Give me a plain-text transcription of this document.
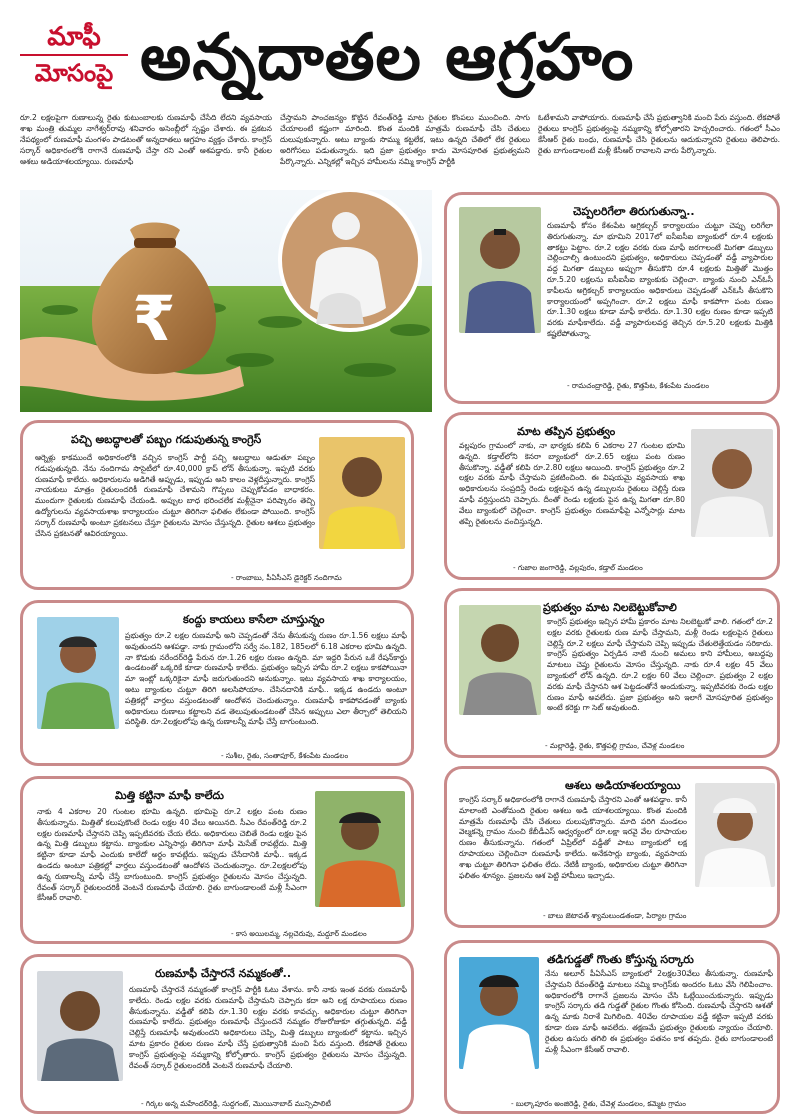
మాఫీ
మోసంపై అన్నదాతల ఆగ్రహం
రూ.2 లక్షలపైగా రుణాలున్న రైతు కుటుంబాలకు రుణమాఫీ చేసేది లేదని వ్యవసాయ శాఖ మంత్రి తుమ్మల నాగేశ్వర్‌రావు శనివారం అసెంబ్లీలో స్పష్టం చేశారు. ఈ ప్రకటన నేపథ్యంలో రుణమాఫీ మంగళం పాడటంతో అన్నదాతలు ఆగ్రహం వ్యక్తం చేశారు. కాంగ్రెస్ సర్కార్ అధికారంలోకి రాగానే రుణమాఫీ చేస్తా రని ఎంతో ఆశపడ్డారు. కానీ రైతుల ఆశలు అడియాశలయ్యాయి. రుణమాఫీ
చేస్తామని పాంచజన్యం కొట్టిన రేవంత్‌రెడ్డి మాట రైతుల కొంపలు ముంచింది. సాగు చేయాలంటే కష్టంగా మారింది. కొంత మందికి మాత్రమే రుణమాఫీ చేసి చేతులు దులుపుకున్నారు. అటు బ్యాంకు సొమ్ము కట్టలేక, ఇటు ఉన్నది చేతిలో లేక రైతులు అరిగోసలు పడుతున్నారు. ఇది ప్రజా ప్రభుత్వం కాదు మోసపూరిత ప్రభుత్వమని పేర్కొన్నారు. ఎన్నికల్లో ఇచ్చిన హామీలను నమ్మి కాంగ్రెస్ పార్టీకి
ఓటేశామని వాపోయారు. రుణమాఫీ చేసే ప్రభుత్వానికి మంచి పేరు వస్తుంది. లేకపోతే రైతులు కాంగ్రెస్ ప్రభుత్వంపై నమ్మకాన్ని కోల్పోతారని హెచ్చరించారు. గతంలో సీఎం కేసీఆర్ రైతు బంధు, రుణమాఫీ చేసి రైతులను ఆదుకున్నారని రైతులు తెలిపారు. రైతు బాగుండాలంటే మళ్లీ కేసీఆర్ రావాలని వారు పేర్కొన్నారు.
₹
చెప్పలరిగేలా తిరుగుతున్నా..
రుణమాఫీ కోసం కేశంపేట అగ్రికల్చర్ కార్యాలయం చుట్టూ చెప్పు లరిగేలా తిరుగుతున్నా. మా భూమిని 2017లో ఐసీఐసీఐ బ్యాంకులో రూ.4 లక్షలకు తాకట్టు పెట్టాం. రూ.2 లక్షల వరకు రుణ మాఫీ జరగాలంటే మిగతా డబ్బులు చెల్లించాల్సి ఉంటుందని ప్రభుత్వం, అధికారులు చెప్పడంతో వడ్డీ వ్యాపారుల వద్ద మిగతా డబ్బులు అప్పుగా తీసుకొని రూ.4 లక్షలకు మిత్తితో మొత్తం రూ.5.20 లక్షలను ఐసీఐసీఐ బ్యాంకుకు చెల్లించా. బ్యాంకు నుంచి ఎన్‌ఓసీ కాపీలను అగ్రికల్చర్ కార్యాలయం అధికారులు చెప్పడంతో ఎన్‌ఓసీ తీసుకొని కార్యాలయంలో అప్పగించా. రూ.2 లక్షలు మాఫీ కాకపోగా పంట రుణం రూ.1.30 లక్షలు కూడా మాఫీ కాలేదు. రూ.1.30 లక్షల రుణం కూడా ఇప్పటి వరకు మాఫీకాలేదు. వడ్డీ వ్యాపారులవద్ద తెచ్చిన రూ.5.20 లక్షలకు మిత్తికి కష్టలేపోతున్నా.
- రామచంద్రారెడ్డి, రైతు, కొత్తపేట, కేశంపేట మండలం
పచ్చి అబద్ధాలతో పబ్బం గడుపుతున్న కాంగ్రెస్
ఆర్నెళ్లు కాకముందే అధికారంలోకి వచ్చిన కాంగ్రెస్ పార్టీ పచ్చి అబద్ధాలు ఆడుతూ పబ్బం గడుపుతున్నది. నేను నందిగామ సొసైటీలో రూ.40,000 క్రాప్ లోన్ తీసుకున్నా. ఇప్పటి వరకు రుణమాఫీ కాలేదు. అధికారులను అడిగితే అప్పుడు, ఇప్పుడు అని కాలం వెళ్లదీస్తున్నారు. కాంగ్రెస్ నాయకులు మాత్రం రైతులందరికీ రుణమాఫీ చేశామని గొప్పలు చెప్పుకోవడం బాధాకరం. ముందుగా రైతులకు రుణమాఫీ చేయండి. అప్పుల బాధ భరించలేక మళ్లీనైనా పరిష్కారం తెచ్చి ఉద్యోగులను వ్యవసాయశాఖ కార్యాలయం చుట్టూ తిరిగినా ఫలితం లేకుండా పోయింది. కాంగ్రెస్ సర్కార్ రుణమాఫీ అంటూ ప్రకటనలు చేస్తూ రైతులను మోసం చేస్తున్నది. రైతుల ఆశలు ప్రభుత్వం చేసిన ప్రకటనతో ఆవిరయ్యాయి.
- రాంబాబు, పీఏసీఎస్ డైరెక్టర్ నందిగామ
మాట తప్పిన ప్రభుత్వం
వల్లపురం గ్రామంలో నాకు, నా భార్యకు కలిపి 6 ఎకరాల 27 గుంటల భూమి ఉన్నది. కడ్తాల్‌లోని కెనరా బ్యాంకులో రూ.2.65 లక్షలు పంట రుణం తీసుకొన్నా. వడ్డీతో కలిపి రూ.2.80 లక్షలు అయింది. కాంగ్రెస్ ప్రభుత్వం రూ.2 లక్షల వరకు మాఫీ చేస్తామని ప్రకటించింది. ఈ విషయమై వ్యవసాయ శాఖ అధికారులను సంప్రదిస్తే రెండు లక్షలపైన ఉన్న డబ్బులను రైతులు చెల్లిస్తే రుణ మాఫీ వర్తిస్తుందని చెప్పారు. దీంతో రెండు లక్షలకు పైన ఉన్న మిగతా రూ.80 వేలు బ్యాంకులో చెల్లించా. కాంగ్రెస్ ప్రభుత్వం రుణమాఫీపై ఎన్నోసార్లు మాట తప్పి రైతులను వంచిస్తున్నది.
- గుజాల జంగారెడ్డి, వల్లపురం, కడ్తాల్ మండలం
కంద్దు కాయలు కాసేలా చూస్తున్నం
ప్రభుత్వం రూ.2 లక్షల రుణమాఫీ అని చెప్పడంతో నేను తీసుకున్న రుణం రూ.1.56 లక్షలు మాఫీ అవుతుందని ఆశపడ్డా. నాకు గ్రామంలోని సర్వే నం.182, 185లలో 6.18 ఎకరాల భూమి ఉన్నది. నా కొడుకు నరేందర్‌రెడ్డి పేరున రూ.1.26 లక్షల రుణం ఉన్నది. మా ఇద్దరి పేరున ఒకే రేషన్‌కార్డు ఉండటంతో ఒక్కరికే కూడా రుణమాఫీ కాలేదు. ప్రభుత్వం ఇచ్చిన హామీ రూ.2 లక్షలు కాకపోయినా మా ఇంట్లో ఒక్కరికైనా మాఫీ జరుగుతుందని అనుకున్నాం. ఇటు వ్యవసాయ శాఖ కార్యాలయం, అటు బ్యాంకుల చుట్టూ తిరిగి అలసిపోయాం. చేసినదానికి మాఫీ.. ఇక్కడ ఉండదు అంటూ పత్రికల్లో వార్తలు వస్తుండటంతో ఆందోళన చెందుతున్నాం. రుణమాఫీ కాకపోవడంతో బ్యాంకు అధికారులు రుణాలు కట్టాలని వడ తెలుపుతుండటంతో చేసిన అప్పులు ఎలా తీర్చాలో తెలియని పరిస్థితి. రూ.2లక్షలలోపు ఉన్న రుణాలన్నీ మాఫీ చేస్తే బాగుంటుంది.
- సుశీల, రైతు, సంతాపూర్, కేశంపేట మండలం
ప్రభుత్వం మాట నిలబెట్టుకోవాలి
కాంగ్రెస్ ప్రభుత్వం ఇచ్చిన హామీ ప్రకారం మాట నిలబెట్టుకో వాలి. గతంలో రూ.2 లక్షల వరకు రైతులకు రుణ మాఫీ చేస్తామని, మళ్లీ రెండు లక్షలపైన రైతులు చెల్లిస్తే రూ.2 లక్షలు మాఫీ చేస్తామని చెప్పి ఇప్పుడు చేతులెత్తేయడం సరికాదు. కాంగ్రెస్ ప్రభుత్వం ఏర్పడిన నాటి నుంచి అమలు కాని హామీలు, అబద్దపు మాటలు చెప్తు రైతులను మోసం చేస్తున్నది. నాకు రూ.4 లక్షల 45 వేలు బ్యాంకులో లోన్ ఉన్నది. రూ.2 లక్షల 60 వేలు చెల్లించా. ప్రభుత్వం 2 లక్షల వరకు మాఫీ చేస్తానని ఆశ పెట్టడంతోనే అందుకున్నా. ఇప్పటివరకు రెండు లక్షల రుణం మాఫీ అవలేదు. ప్రజా ప్రభుత్వం అని ఇలాగే మోసపూరిత ప్రభుత్వం అంటే కరెక్టు గా సెట్ అవుతుంది.
- మల్లారెడ్డి, రైతు, కొత్తపల్లి గ్రామం, చేవెళ్ల మండలం
మిత్తి కట్టినా మాఫీ కాలేదు
నాకు 4 ఎకరాల 20 గుంటల భూమి ఉన్నది. భూమిపై రూ.2 లక్షల పంట రుణం తీసుకున్నాను. మిత్తితో కలుపుకొంటే రెండు లక్షల 40 వేలు అయినది. సీఎం రేవంత్‌రెడ్డి రూ.2 లక్షల రుణమాఫీ చేస్తానని చెప్పి ఇప్పటివరకు చేయ లేదు. అధికారులు చెబితే రెండు లక్షల పైన ఉన్న మిత్తి డబ్బులు కట్టాను. బ్యాంకుల ఎన్నిసార్లు తిరిగినా మాఫీ మెసేజ్ రావట్లేదు. మిత్తి కట్టినా కూడా మాఫీ ఎందుకు కాలేదో అర్థం కావట్లేదు. ఇప్పుడు చేసేదానికి మాఫీ.. ఇక్కడ ఉండదు అంటూ పత్రికల్లో వార్తలు వస్తుండటంతో ఆందోళన చెందుతున్నాం. రూ.2లక్షలలోపు ఉన్న రుణాలన్నీ మాఫీ చేస్తే బాగుంటుంది. కాంగ్రెస్ ప్రభుత్వం రైతులను మోసం చేస్తున్నది. రేవంత్ సర్కార్ రైతులందరికీ వెంటనే రుణమాఫీ చేయాలి. రైతు బాగుండాలంటే మళ్లీ సీఎంగా కేసీఆర్ రావాలి.
- కాస అయిలమ్మ, నల్లచెరువు, మద్దూర్ మండలం
ఆశలు అడియాశలయ్యాయి
కాంగ్రెస్ సర్కార్ అధికారంలోకి రాగానే రుణమాఫీ చేస్తారని ఎంతో ఆశపడ్డాం. కానీ మాలాంటి ఎంతోమంది రైతుల ఆశలు అడి యాశలయ్యాయి. కొంత మందికి మాత్రమే రుణమాఫీ చేసి చేతులు దులుపుకొన్నారు. మాది పరిగి మండలం వెల్మకన్నె గ్రామం నుంచి కేబీడీఎస్ ఆధ్వర్యంలో రూ.లక్షా ఇరవై వేల రూపాయల రుణం తీసుకున్నాను. గతంలో ఏప్రిల్‌లో వడ్డీతో పాటు బ్యాంకులో లక్ష రూపాయలు చెల్లించినా రుణమాఫీ కాలేదు. అనేకసార్లు బ్యాంకు, వ్యవసాయ శాఖ చుట్టూ తిరిగినా ఫలితం లేదు. నేటికీ బ్యాంకు, అధికారుల చుట్టూ తిరిగినా ఫలితం శూన్యం. ప్రజలను ఆశ పెట్టి హామీలు ఇచ్చాడు.
- బాలు జెటావత్ శ్యామలుండతండా, పిర్యాల గ్రామం
రుణమాఫీ చేస్తారనే నమ్మకంతో..
రుణమాఫీ చేస్తారనే నమ్మకంతో కాంగ్రెస్ పార్టీకి ఓటు వేశాను. కానీ నాకు ఇంత వరకు రుణమాఫీ కాలేదు. రెండు లక్షల వరకు రుణమాఫీ చేస్తామని చెప్పారు కదా అని లక్ష రూపాయలు రుణం తీసుకున్నాను. వడ్డీతో కలిపి రూ.1.30 లక్షల వరకు కావచ్చు. అధికారుల చుట్టూ తిరిగినా రుణమాఫీ కాలేదు. ప్రభుత్వం రుణమాఫీ చేస్తుందనే నమ్మకం రోజురోజుకూ తగ్గుతున్నది. వడ్డీ చెల్లిస్తే రుణమాఫీ అవుతుందని అధికారులు చెప్పి, మిత్తి డబ్బులు బ్యాంకులో కట్టాను. ఇచ్చిన మాట ప్రకారం రైతుల రుణం మాఫీ చేస్తే ప్రభుత్వానికి మంచి పేరు వస్తుంది. లేకపోతే రైతులు కాంగ్రెస్ ప్రభుత్వంపై నమ్మకాన్ని కోల్పోతారు. కాంగ్రెస్ ప్రభుత్వం రైతులను మోసం చేస్తున్నది. రేవంత్ సర్కార్ రైతులందరికీ వెంటనే రుణమాఫీ చేయాలి.
- గిర్కల అన్న మహేందర్‌రెడ్డి, సుద్దగంట్, మొయినాబాద్ మున్సిపాలిటీ
తడిగుడ్డతో గొంతు కోస్తున్న సర్కారు
నేను అలూర్ పీఏసీఎస్ బ్యాంకులో 2లక్షల30వేలు తీసుకున్నా. రుణమాఫీ చేస్తామని రేవంత్‌రెడ్డి మాటలు నమ్మి కాంగ్రెస్‌కు అందరం ఓటు వేసి గెలిపించాం. అధికారంలోకి రాగానే ప్రజలను మోసం చేసి ఓట్లేయించుకున్నారు. ఇప్పుడు కాంగ్రెస్ సర్కారు తడి గుడ్డతో రైతుల గొంతు కోసింది. రుణమాఫీ చేస్తారని ఆశతో ఉన్న మాకు నిరాశే మిగిలింది. 40వేల రూపాయల వడ్డీ కట్టినా ఇప్పటి వరకు కూడా రుణ మాఫీ అవలేదు. తక్షణమే ప్రభుత్వం రైతులకు న్యాయం చేయాలి. రైతుల ఉసురు తగిలి ఈ ప్రభుత్వం పతనం కాక తప్పదు. రైతు బాగుండాలంటే మళ్లీ సీఎంగా కేసీఆర్ రావాలి.
- బుల్కాపూరం అంజిరెడ్డి, రైతు, చేవెళ్ల మండలం, కమ్మెట గ్రామం
